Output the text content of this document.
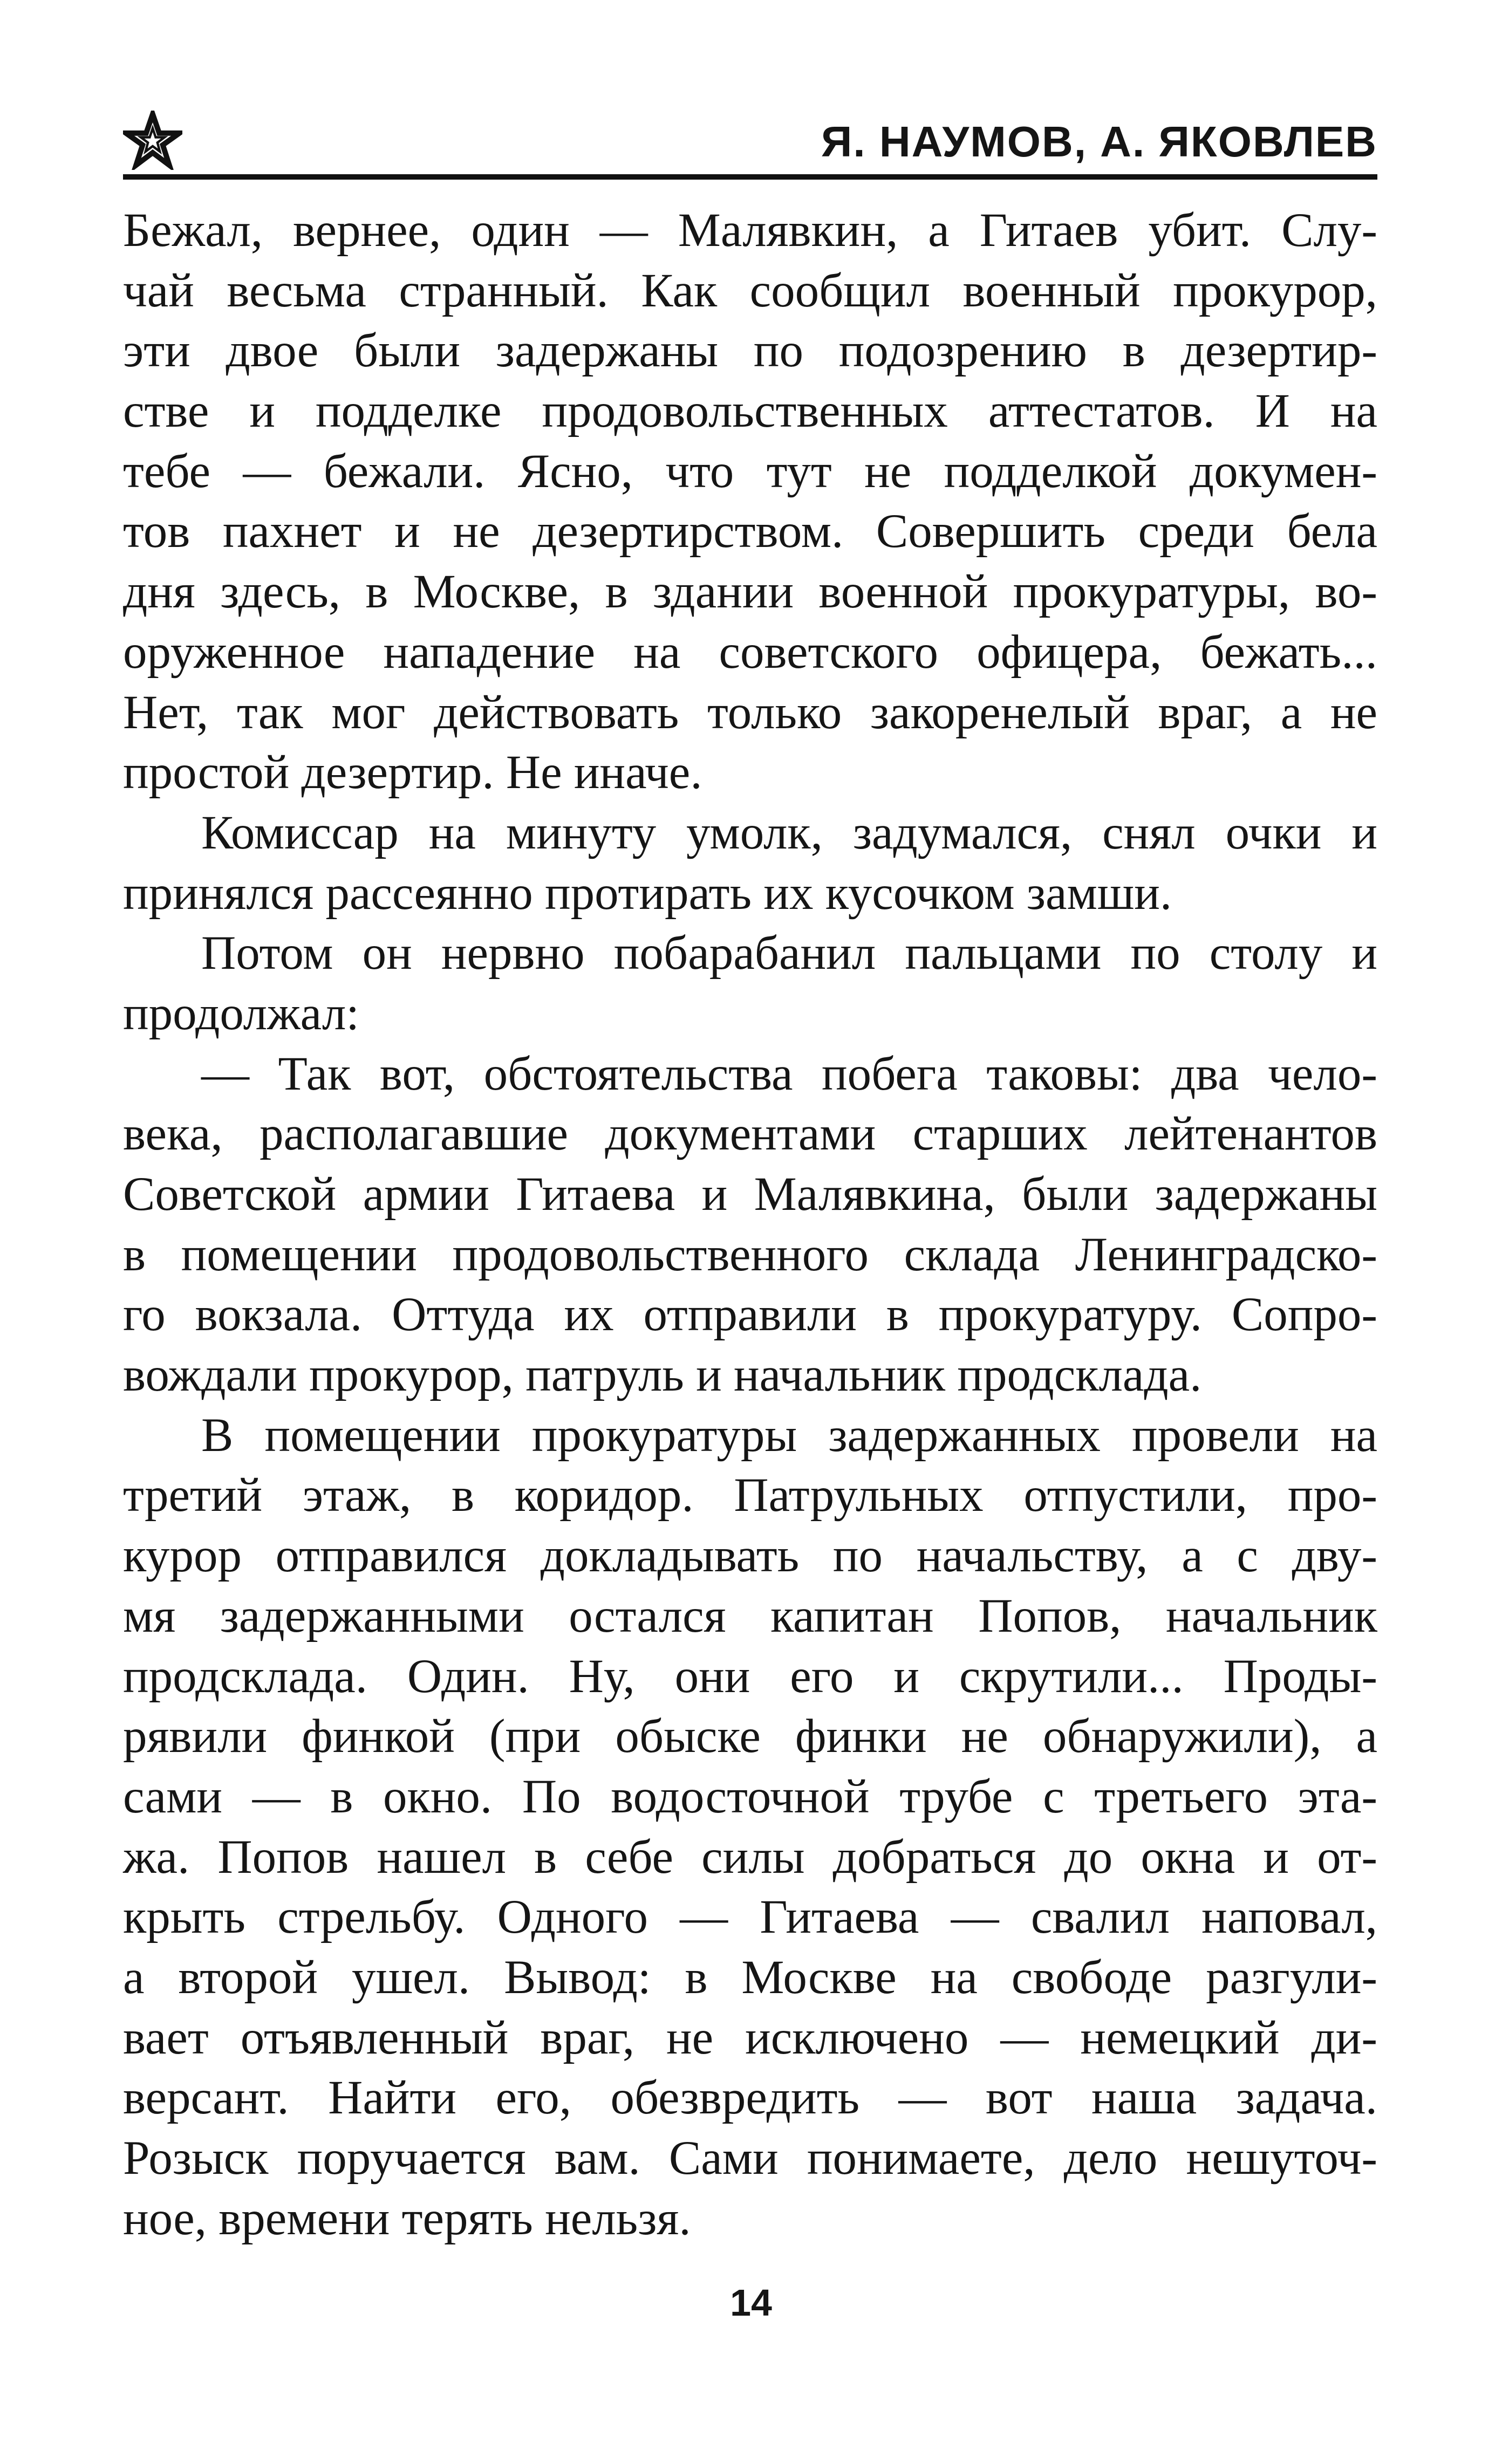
Я. НАУМОВ, А. ЯКОВЛЕВ
Бежал, вернее, один — Малявкин, а Гитаев убит. Слу-
чай весьма странный. Как сообщил военный прокурор,
эти двое были задержаны по подозрению в дезертир-
стве и подделке продовольственных аттестатов. И на
тебе — бежали. Ясно, что тут не подделкой докумен-
тов пахнет и не дезертирством. Совершить среди бела
дня здесь, в Москве, в здании военной прокуратуры, во-
оруженное нападение на советского офицера, бежать...
Нет, так мог действовать только закоренелый враг, а не
простой дезертир. Не иначе.
Комиссар на минуту умолк, задумался, снял очки и
принялся рассеянно протирать их кусочком замши.
Потом он нервно побарабанил пальцами по столу и
продолжал:
— Так вот, обстоятельства побега таковы: два чело-
века, располагавшие документами старших лейтенантов
Советской армии Гитаева и Малявкина, были задержаны
в помещении продовольственного склада Ленинградско-
го вокзала. Оттуда их отправили в прокуратуру. Сопро-
вождали прокурор, патруль и начальник продсклада.
В помещении прокуратуры задержанных провели на
третий этаж, в коридор. Патрульных отпустили, про-
курор отправился докладывать по начальству, а с дву-
мя задержанными остался капитан Попов, начальник
продсклада. Один. Ну, они его и скрутили... Проды-
рявили финкой (при обыске финки не обнаружили), а
сами — в окно. По водосточной трубе с третьего эта-
жа. Попов нашел в себе силы добраться до окна и от-
крыть стрельбу. Одного — Гитаева — свалил наповал,
а второй ушел. Вывод: в Москве на свободе разгули-
вает отъявленный враг, не исключено — немецкий ди-
версант. Найти его, обезвредить — вот наша задача.
Розыск поручается вам. Сами понимаете, дело нешуточ-
ное, времени терять нельзя.
14
